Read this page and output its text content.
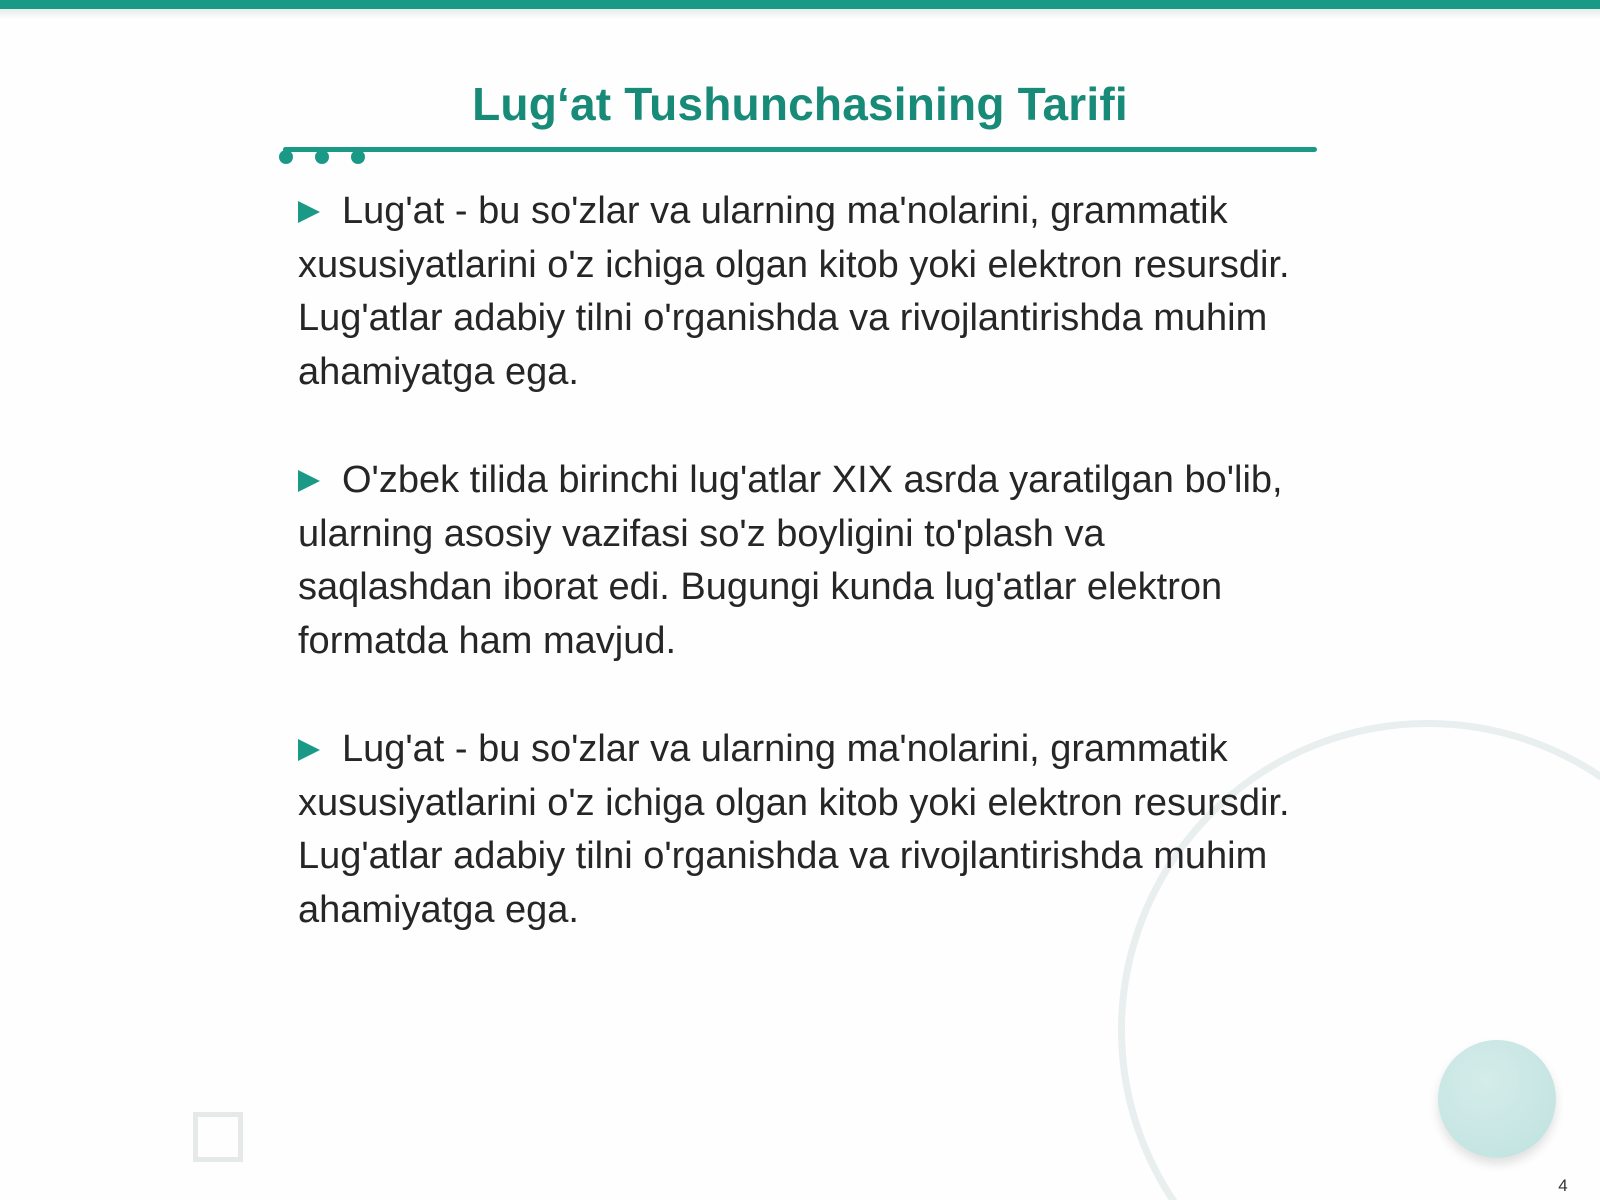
Lug‘at Tushunchasining Tarifi
Lug'at - bu so'zlar va ularning ma'nolarini, grammatik xususiyatlarini o'z ichiga olgan kitob yoki elektron resursdir. Lug'atlar adabiy tilni o'rganishda va rivojlantirishda muhim ahamiyatga ega.
O'zbek tilida birinchi lug'atlar XIX asrda yaratilgan bo'lib, ularning asosiy vazifasi so'z boyligini to'plash va saqlashdan iborat edi. Bugungi kunda lug'atlar elektron formatda ham mavjud.
Lug'at - bu so'zlar va ularning ma'nolarini, grammatik xususiyatlarini o'z ichiga olgan kitob yoki elektron resursdir. Lug'atlar adabiy tilni o'rganishda va rivojlantirishda muhim ahamiyatga ega.
4
